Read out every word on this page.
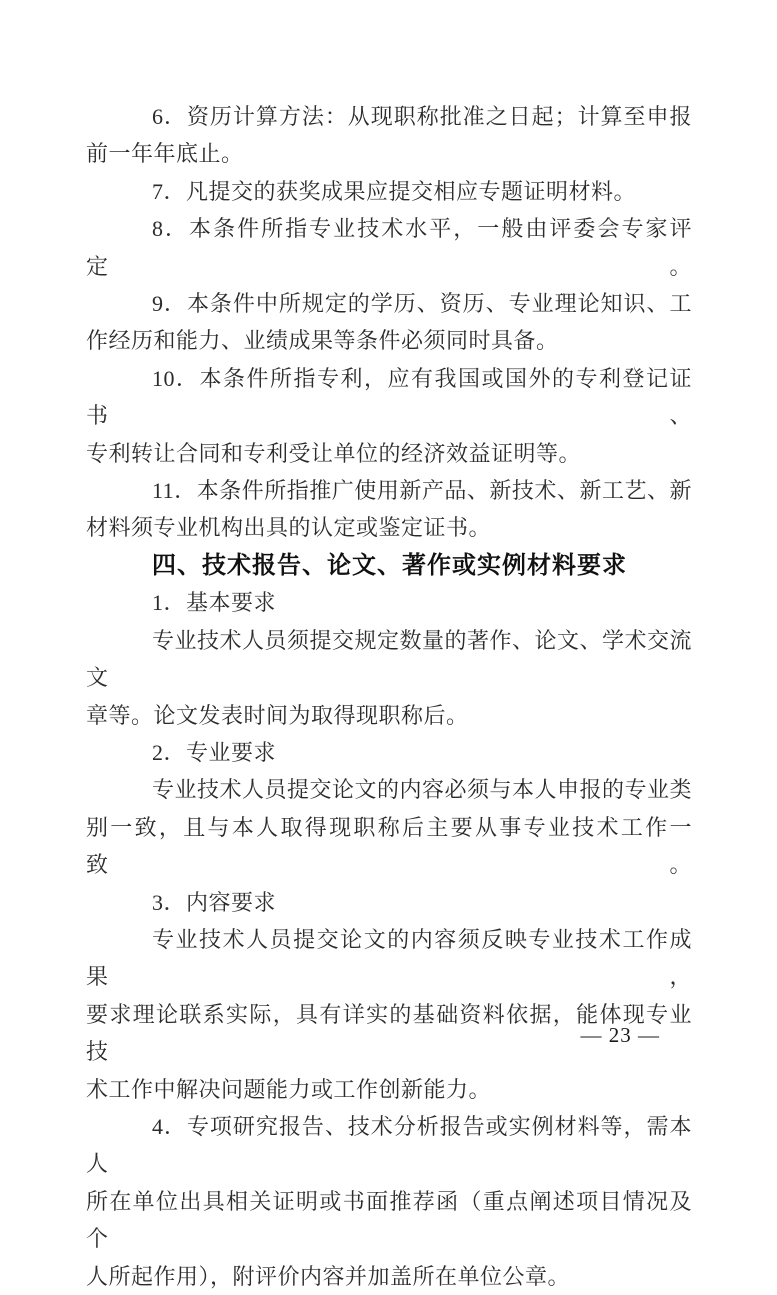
6．资历计算方法：从现职称批准之日起；计算至申报
前一年年底止。
7．凡提交的获奖成果应提交相应专题证明材料。
8．本条件所指专业技术水平，一般由评委会专家评定。
9．本条件中所规定的学历、资历、专业理论知识、工
作经历和能力、业绩成果等条件必须同时具备。
10．本条件所指专利，应有我国或国外的专利登记证书、
专利转让合同和专利受让单位的经济效益证明等。
11．本条件所指推广使用新产品、新技术、新工艺、新
材料须专业机构出具的认定或鉴定证书。
四、技术报告、论文、著作或实例材料要求
1．基本要求
专业技术人员须提交规定数量的著作、论文、学术交流文
章等。论文发表时间为取得现职称后。
2．专业要求
专业技术人员提交论文的内容必须与本人申报的专业类
别一致，且与本人取得现职称后主要从事专业技术工作一致。
3．内容要求
专业技术人员提交论文的内容须反映专业技术工作成果，
要求理论联系实际，具有详实的基础资料依据，能体现专业技
术工作中解决问题能力或工作创新能力。
4．专项研究报告、技术分析报告或实例材料等，需本人
所在单位出具相关证明或书面推荐函（重点阐述项目情况及个
人所起作用），附评价内容并加盖所在单位公章。
— 23 —
